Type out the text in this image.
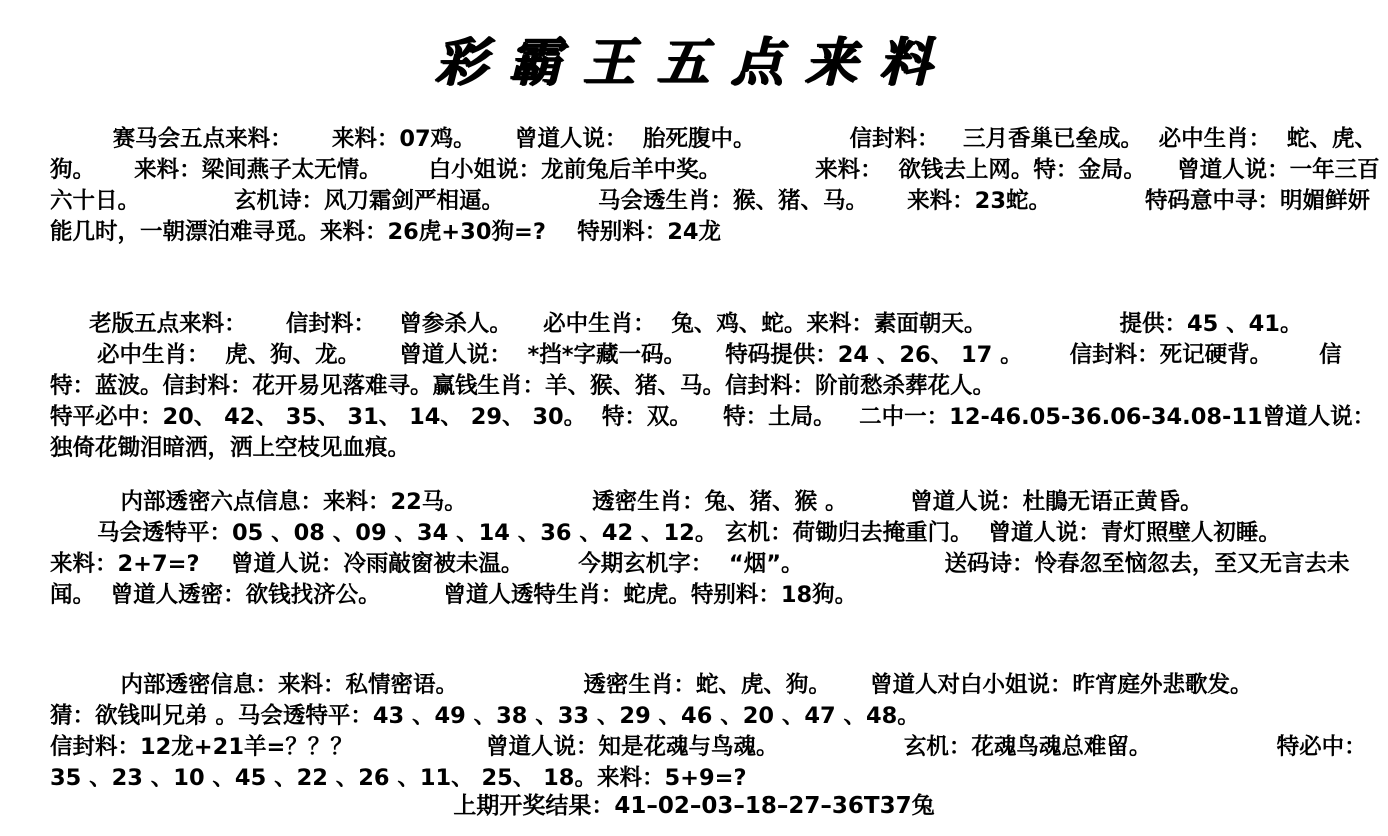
彩霸王五点来料
赛马会五点来料：     来料：07鸡。     曾道人说：  胎死腹中。            信封料：   三月香巢已垒成。  必中生肖：  蛇、虎、狗。     来料：梁间燕子太无情。      白小姐说：龙前兔后羊中奖。            来料：  欲钱去上网。特：金局。    曾道人说：一年三百六十日。            玄机诗：风刀霜剑严相逼。            马会透生肖：猴、猪、马。     来料：23蛇。            特码意中寻：明媚鲜妍能几时，一朝漂泊难寻觅。来料：26虎+30狗=?    特别料：24龙
老版五点来料：     信封料：   曾参杀人。    必中生肖：  兔、鸡、蛇。来料：素面朝天。                 提供：45 、41。
必中生肖：  虎、狗、龙。     曾道人说：  *挡*字藏一码。     特码提供：24 、26、 17 。      信封料：死记硬背。      信特：蓝波。信封料：花开易见落难寻。赢钱生肖：羊、猴、猪、马。信封料：阶前愁杀葬花人。
特平必中：20、 42、 35、 31、 14、 29、 30。  特：双。    特：土局。   二中一：12-46.05-36.06-34.08-11曾道人说：独倚花锄泪暗洒，洒上空枝见血痕。
内部透密六点信息：来料：22马。                透密生肖：兔、猪、猴 。        曾道人说：杜鵑无语正黄昏。
马会透特平：05 、08 、09 、34 、14 、36 、42 、12。 玄机：荷锄归去掩重门。  曾道人说：青灯照壁人初睡。
来料：2+7=?    曾道人说：冷雨敲窗被未温。       今期玄机字：  “烟”。                  送码诗：怜春忽至恼忽去，至又无言去未闻。  曾道人透密：欲钱找济公。        曾道人透特生肖：蛇虎。特别料：18狗。
内部透密信息：来料：私情密语。                透密生肖：蛇、虎、狗。     曾道人对白小姐说：昨宵庭外悲歌发。
猜：欲钱叫兄弟 。马会透特平：43 、49 、38 、33 、29 、46 、20 、47 、48。
信封料：12龙+21羊=？？？                 曾道人说：知是花魂与鸟魂。                玄机：花魂鸟魂总难留。                特必中：
35 、23 、10 、45 、22 、26 、11、 25、 18。来料：5+9=?
上期开奖结果：41–02–03–18–27–36T37兔
